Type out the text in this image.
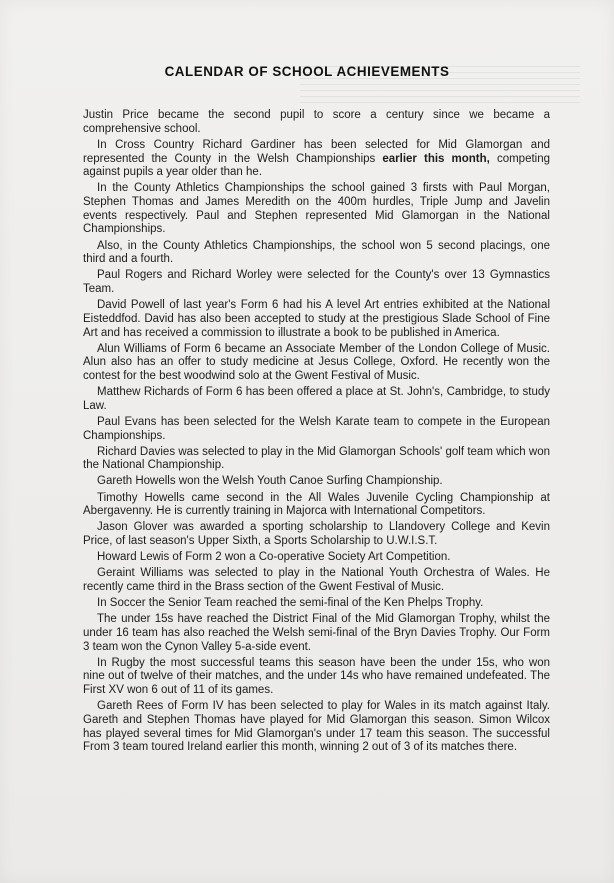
CALENDAR OF SCHOOL ACHIEVEMENTS

Justin Price became the second pupil to score a century since we became a comprehensive school.

In Cross Country Richard Gardiner has been selected for Mid Glamorgan and represented the County in the Welsh Championships earlier this month, competing against pupils a year older than he.

In the County Athletics Championships the school gained 3 firsts with Paul Morgan, Stephen Thomas and James Meredith on the 400m hurdles, Triple Jump and Javelin events respectively. Paul and Stephen represented Mid Glamorgan in the National Championships.

Also, in the County Athletics Championships, the school won 5 second placings, one third and a fourth.

Paul Rogers and Richard Worley were selected for the County's over 13 Gymnastics Team.

David Powell of last year's Form 6 had his A level Art entries exhibited at the National Eisteddfod. David has also been accepted to study at the prestigious Slade School of Fine Art and has received a commission to illustrate a book to be published in America.

Alun Williams of Form 6 became an Associate Member of the London College of Music. Alun also has an offer to study medicine at Jesus College, Oxford. He recently won the contest for the best woodwind solo at the Gwent Festival of Music.

Matthew Richards of Form 6 has been offered a place at St. John's, Cambridge, to study Law.

Paul Evans has been selected for the Welsh Karate team to compete in the European Championships.

Richard Davies was selected to play in the Mid Glamorgan Schools' golf team which won the National Championship.

Gareth Howells won the Welsh Youth Canoe Surfing Championship.

Timothy Howells came second in the All Wales Juvenile Cycling Championship at Abergavenny. He is currently training in Majorca with International Competitors.

Jason Glover was awarded a sporting scholarship to Llandovery College and Kevin Price, of last season's Upper Sixth, a Sports Scholarship to U.W.I.S.T.

Howard Lewis of Form 2 won a Co-operative Society Art Competition.

Geraint Williams was selected to play in the National Youth Orchestra of Wales. He recently came third in the Brass section of the Gwent Festival of Music.

In Soccer the Senior Team reached the semi-final of the Ken Phelps Trophy.

The under 15s have reached the District Final of the Mid Glamorgan Trophy, whilst the under 16 team has also reached the Welsh semi-final of the Bryn Davies Trophy. Our Form 3 team won the Cynon Valley 5-a-side event.

In Rugby the most successful teams this season have been the under 15s, who won nine out of twelve of their matches, and the under 14s who have remained undefeated. The First XV won 6 out of 11 of its games.

Gareth Rees of Form IV has been selected to play for Wales in its match against Italy. Gareth and Stephen Thomas have played for Mid Glamorgan this season. Simon Wilcox has played several times for Mid Glamorgan's under 17 team this season. The successful From 3 team toured Ireland earlier this month, winning 2 out of 3 of its matches there.
